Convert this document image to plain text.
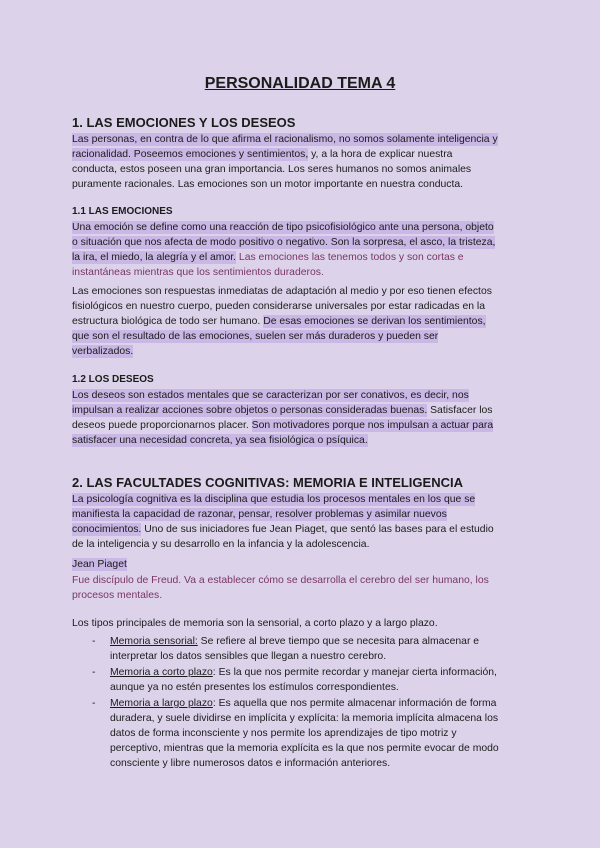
PERSONALIDAD TEMA 4
1. LAS EMOCIONES Y LOS DESEOS
Las personas, en contra de lo que afirma el racionalismo, no somos solamente inteligencia y
racionalidad. Poseemos emociones y sentimientos, y, a la hora de explicar nuestra
conducta, estos poseen una gran importancia. Los seres humanos no somos animales
puramente racionales. Las emociones son un motor importante en nuestra conducta.
1.1 LAS EMOCIONES
Una emoción se define como una reacción de tipo psicofisiológico ante una persona, objeto
o situación que nos afecta de modo positivo o negativo. Son la sorpresa, el asco, la tristeza,
la ira, el miedo, la alegría y el amor. Las emociones las tenemos todos y son cortas e
instantáneas mientras que los sentimientos duraderos.
Las emociones son respuestas inmediatas de adaptación al medio y por eso tienen efectos
fisiológicos en nuestro cuerpo, pueden considerarse universales por estar radicadas en la
estructura biológica de todo ser humano. De esas emociones se derivan los sentimientos,
que son el resultado de las emociones, suelen ser más duraderos y pueden ser
verbalizados.
1.2 LOS DESEOS
Los deseos son estados mentales que se caracterizan por ser conativos, es decir, nos
impulsan a realizar acciones sobre objetos o personas consideradas buenas. Satisfacer los
deseos puede proporcionarnos placer. Son motivadores porque nos impulsan a actuar para
satisfacer una necesidad concreta, ya sea fisiológica o psíquica.
2. LAS FACULTADES COGNITIVAS: MEMORIA E INTELIGENCIA
La psicología cognitiva es la disciplina que estudia los procesos mentales en los que se
manifiesta la capacidad de razonar, pensar, resolver problemas y asimilar nuevos
conocimientos. Uno de sus iniciadores fue Jean Piaget, que sentó las bases para el estudio
de la inteligencia y su desarrollo en la infancia y la adolescencia.
Jean Piaget
Fue discípulo de Freud. Va a establecer cómo se desarrolla el cerebro del ser humano, los
procesos mentales.
Los tipos principales de memoria son la sensorial, a corto plazo y a largo plazo.
- Memoria sensorial: Se refiere al breve tiempo que se necesita para almacenar e
interpretar los datos sensibles que llegan a nuestro cerebro.
- Memoria a corto plazo: Es la que nos permite recordar y manejar cierta información,
aunque ya no estén presentes los estímulos correspondientes.
- Memoria a largo plazo: Es aquella que nos permite almacenar información de forma
duradera, y suele dividirse en implícita y explícita: la memoria implícita almacena los
datos de forma inconsciente y nos permite los aprendizajes de tipo motriz y
perceptivo, mientras que la memoria explícita es la que nos permite evocar de modo
consciente y libre numerosos datos e información anteriores.
